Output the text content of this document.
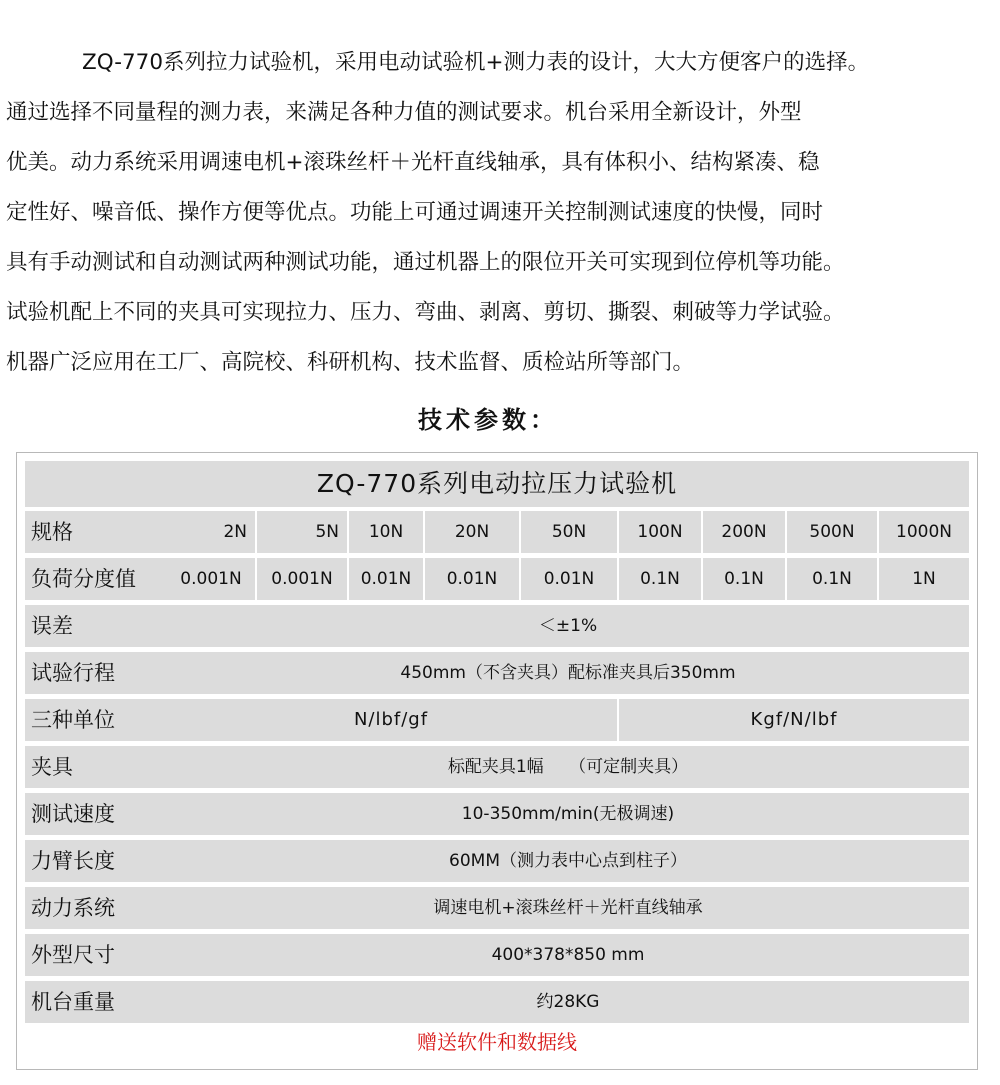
ZQ-770系列拉力试验机，采用电动试验机+测力表的设计，大大方便客户的选择。
通过选择不同量程的测力表，来满足各种力值的测试要求。机台采用全新设计，外型
优美。动力系统采用调速电机+滚珠丝杆＋光杆直线轴承，具有体积小、结构紧凑、稳
定性好、噪音低、操作方便等优点。功能上可通过调速开关控制测试速度的快慢，同时
具有手动测试和自动测试两种测试功能，通过机器上的限位开关可实现到位停机等功能。
试验机配上不同的夹具可实现拉力、压力、弯曲、剥离、剪切、撕裂、刺破等力学试验。
机器广泛应用在工厂、高院校、科研机构、技术监督、质检站所等部门。
技术参数：
ZQ-770系列电动拉压力试验机
规格	2N	5N	10N	20N	50N	100N	200N	500N	1000N
负荷分度值	0.001N	0.001N	0.01N	0.01N	0.01N	0.1N	0.1N	0.1N	1N
误差	＜±1%
试验行程	450mm（不含夹具）配标准夹具后350mm
三种单位	N/lbf/gf	Kgf/N/lbf
夹具	标配夹具1幅　　（可定制夹具）
测试速度	10-350mm/min(无极调速)
力臂长度	60MM（测力表中心点到柱子）
动力系统	调速电机+滚珠丝杆＋光杆直线轴承
外型尺寸	400*378*850 mm
机台重量	约28KG
赠送软件和数据线
